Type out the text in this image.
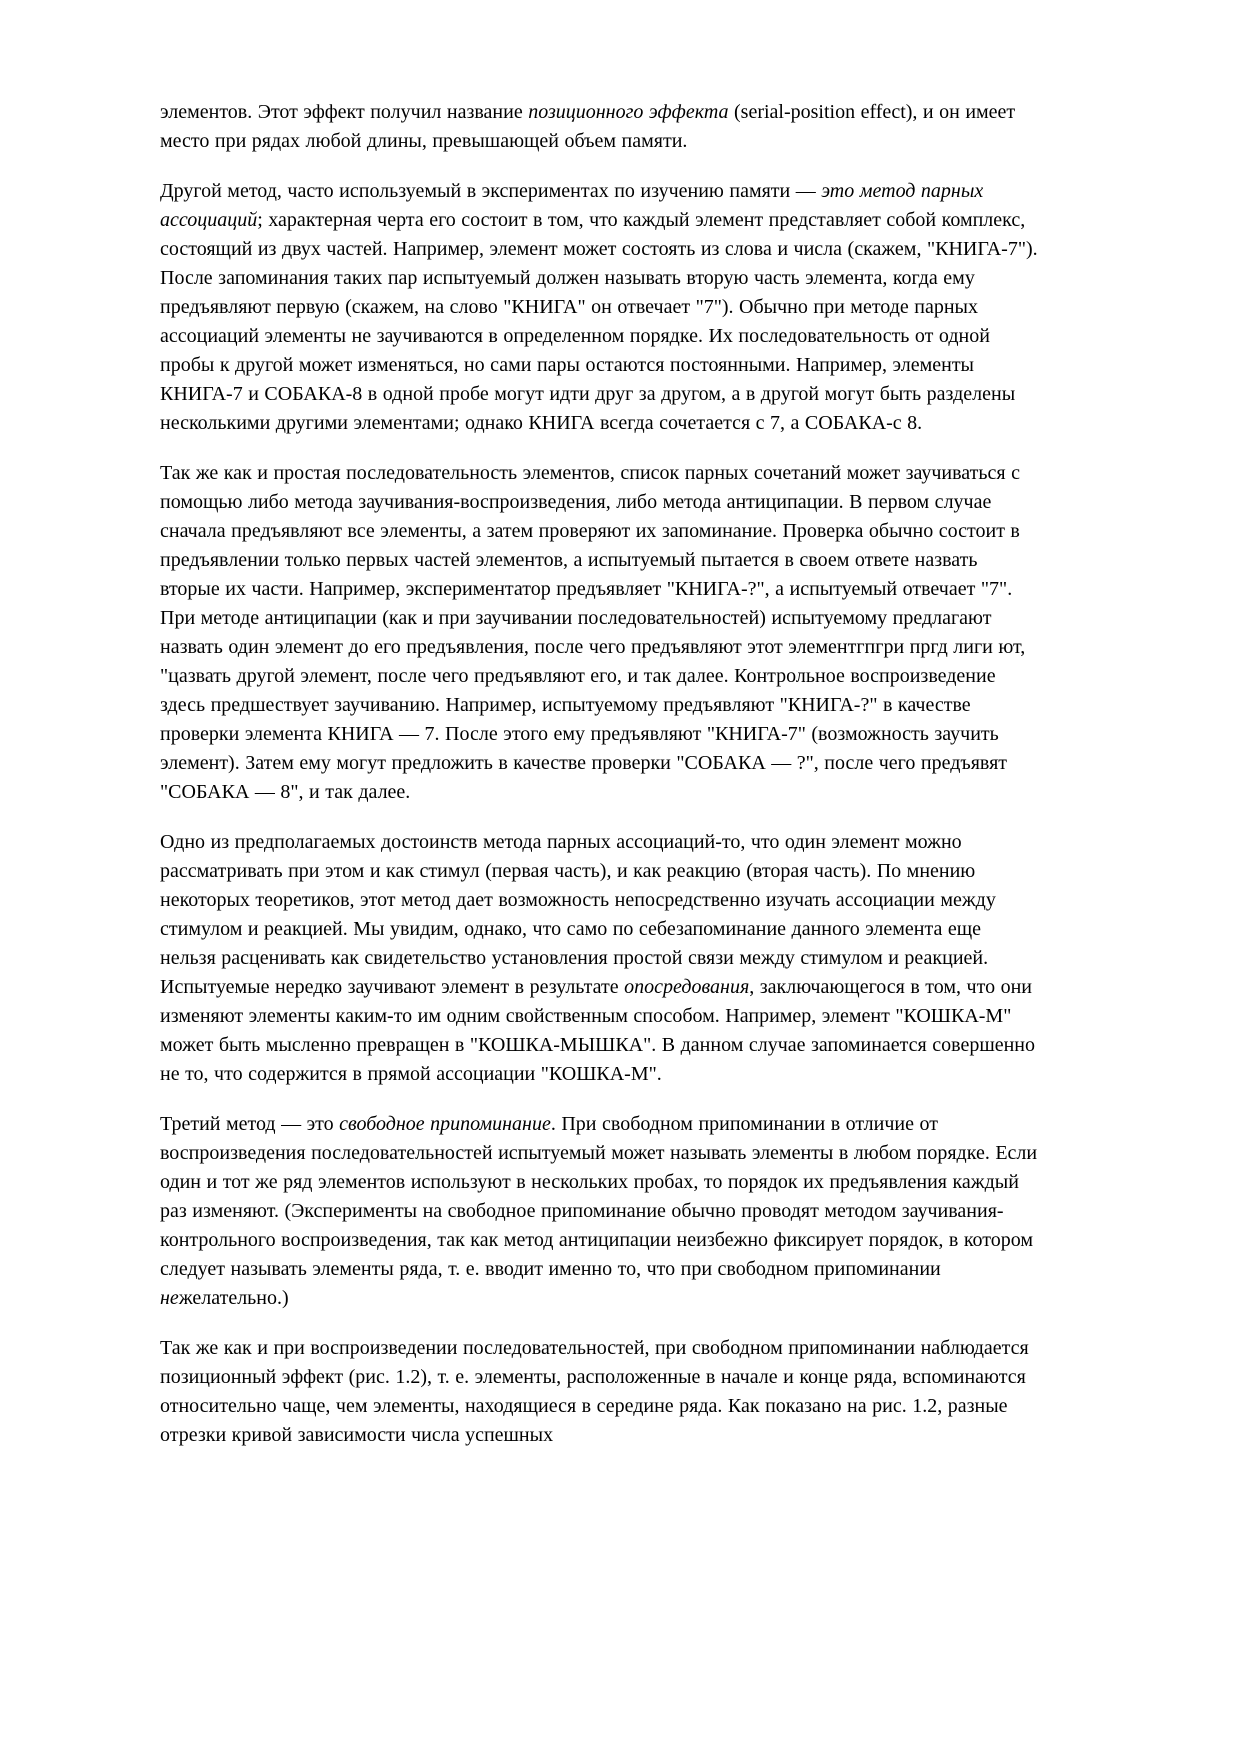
элементов. Этот эффект получил название позиционного эффекта (serial-position effect), и он имеет место при рядах любой длины, превышающей объем памяти.

Другой метод, часто используемый в экспериментах по изучению памяти — это метод парных ассоциаций; характерная черта его состоит в том, что каждый элемент представляет собой комплекс, состоящий из двух частей. Например, элемент может состоять из слова и числа (скажем, "КНИГА-7"). После запоминания таких пар испытуемый должен называть вторую часть элемента, когда ему предъявляют первую (скажем, на слово "КНИГА" он отвечает "7"). Обычно при методе парных ассоциаций элементы не заучиваются в определенном порядке. Их последовательность от одной пробы к другой может изменяться, но сами пары остаются постоянными. Например, элементы КНИГА-7 и СОБАКА-8 в одной пробе могут идти друг за другом, а в другой могут быть разделены несколькими другими элементами; однако КНИГА всегда сочетается с 7, а СОБАКА-с 8.

Так же как и простая последовательность элементов, список парных сочетаний может заучиваться с помощью либо метода заучивания-воспроизведения, либо метода антиципации. В первом случае сначала предъявляют все элементы, а затем проверяют их запоминание. Проверка обычно состоит в предъявлении только первых частей элементов, а испытуемый пытается в своем ответе назвать вторые их части. Например, экспериментатор предъявляет "КНИГА-?", а испытуемый отвечает "7". При методе антиципации (как и при заучивании последовательностей) испытуемому предлагают назвать один элемент до его предъявления, после чего предъявляют этот элементгпгри пргд лиги ют, "цазвать другой элемент, после чего предъявляют его, и так далее. Контрольное воспроизведение здесь предшествует заучиванию. Например, испытуемому предъявляют "КНИГА-?" в качестве проверки элемента КНИГА — 7. После этого ему предъявляют "КНИГА-7" (возможность заучить элемент). Затем ему могут предложить в качестве проверки "СОБАКА — ?", после чего предъявят "СОБАКА — 8", и так далее.

Одно из предполагаемых достоинств метода парных ассоциаций-то, что один элемент можно рассматривать при этом и как стимул (первая часть), и как реакцию (вторая часть). По мнению некоторых теоретиков, этот метод дает возможность непосредственно изучать ассоциации между стимулом и реакцией. Мы увидим, однако, что само по себезапоминание данного элемента еще нельзя расценивать как свидетельство установления простой связи между стимулом и реакцией. Испытуемые нередко заучивают элемент в результате опосредования, заключающегося в том, что они изменяют элементы каким-то им одним свойственным способом. Например, элемент "КОШКА-М" может быть мысленно превращен в "КОШКА-МЫШКА". В данном случае запоминается совершенно не то, что содержится в прямой ассоциации "КОШКА-М".

Третий метод — это свободное припоминание. При свободном припоминании в отличие от воспроизведения последовательностей испытуемый может называть элементы в любом порядке. Если один и тот же ряд элементов используют в нескольких пробах, то порядок их предъявления каждый раз изменяют. (Эксперименты на свободное припоминание обычно проводят методом заучивания-контрольного воспроизведения, так как метод антиципации неизбежно фиксирует порядок, в котором следует называть элементы ряда, т. е. вводит именно то, что при свободном припоминании нежелательно.)

Так же как и при воспроизведении последовательностей, при свободном припоминании наблюдается позиционный эффект (рис. 1.2), т. е. элементы, расположенные в начале и конце ряда, вспоминаются относительно чаще, чем элементы, находящиеся в середине ряда. Как показано на рис. 1.2, разные отрезки кривой зависимости числа успешных
